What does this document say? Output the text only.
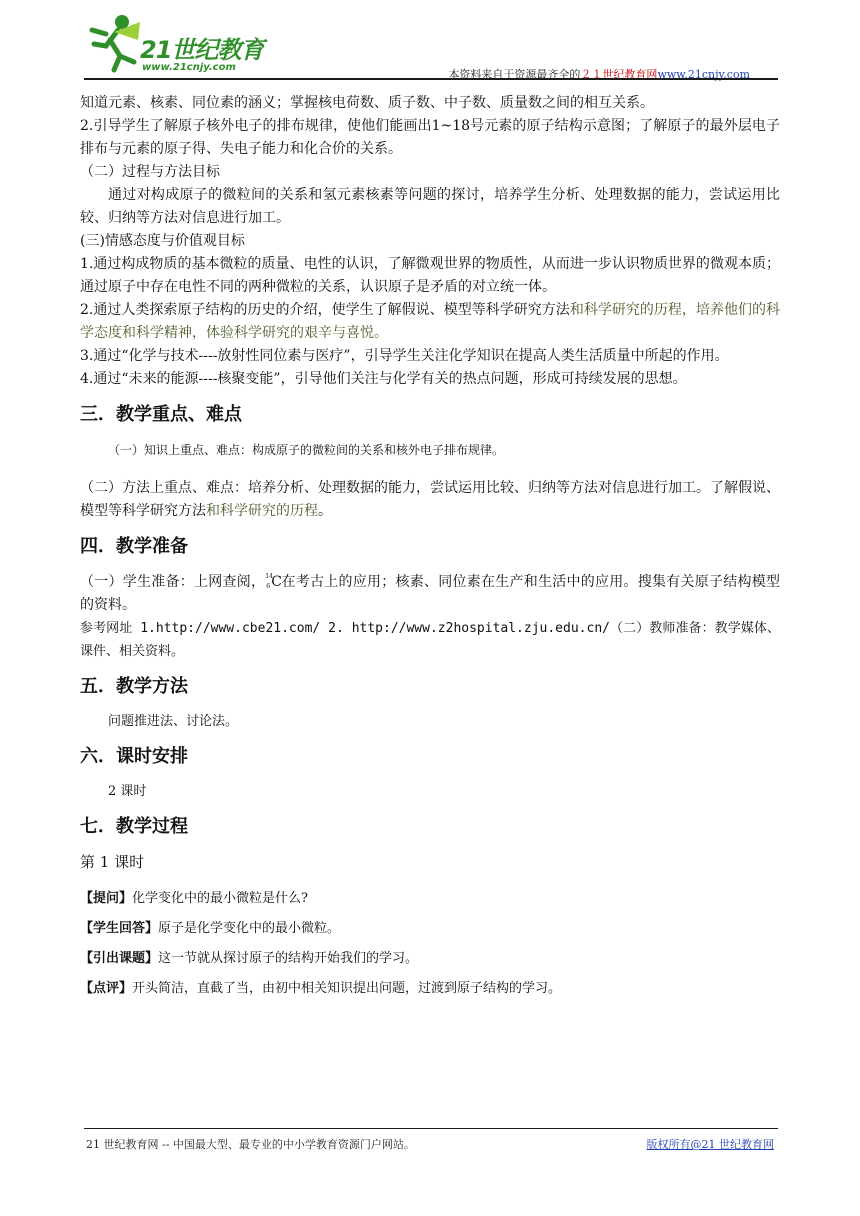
21世纪教育
www.21cnjy.com
本资料来自于资源最齐全的２１世纪教育网www.21cnjy.com

知道元素、核素、同位素的涵义；掌握核电荷数、质子数、中子数、质量数之间的相互关系。

2.引导学生了解原子核外电子的排布规律，使他们能画出1~18号元素的原子结构示意图；了解原子的最外层电子排布与元素的原子得、失电子能力和化合价的关系。

（二）过程与方法目标

通过对构成原子的微粒间的关系和氢元素核素等问题的探讨，培养学生分析、处理数据的能力，尝试运用比较、归纳等方法对信息进行加工。

(三)情感态度与价值观目标

1.通过构成物质的基本微粒的质量、电性的认识，了解微观世界的物质性，从而进一步认识物质世界的微观本质；通过原子中存在电性不同的两种微粒的关系，认识原子是矛盾的对立统一体。

2.通过人类探索原子结构的历史的介绍，使学生了解假说、模型等科学研究方法和科学研究的历程，培养他们的科学态度和科学精神，体验科学研究的艰辛与喜悦。

3.通过“化学与技术----放射性同位素与医疗”，引导学生关注化学知识在提高人类生活质量中所起的作用。

4.通过“未来的能源----核聚变能”，引导他们关注与化学有关的热点问题，形成可持续发展的思想。

三．教学重点、难点

（一）知识上重点、难点：构成原子的微粒间的关系和核外电子排布规律。

（二）方法上重点、难点：培养分析、处理数据的能力，尝试运用比较、归纳等方法对信息进行加工。了解假说、模型等科学研究方法和科学研究的历程。

四．教学准备

（一）学生准备：上网查阅， 14
6 C在考古上的应用；核素、同位素在生产和生活中的应用。搜集有关原子结构模型的资料。

参考网址 1.http://www.cbe21.com/ 2. http://www.z2hospital.zju.edu.cn/（二）教师准备：教学媒体、课件、相关资料。

五．教学方法

问题推进法、讨论法。

六．课时安排

2 课时

七．教学过程

第 1 课时

【提问】化学变化中的最小微粒是什么?

【学生回答】原子是化学变化中的最小微粒。

【引出课题】这一节就从探讨原子的结构开始我们的学习。

【点评】开头简洁，直截了当，由初中相关知识提出问题，过渡到原子结构的学习。

21 世纪教育网 -- 中国最大型、最专业的中小学教育资源门户网站。	版权所有@21 世纪教育网
